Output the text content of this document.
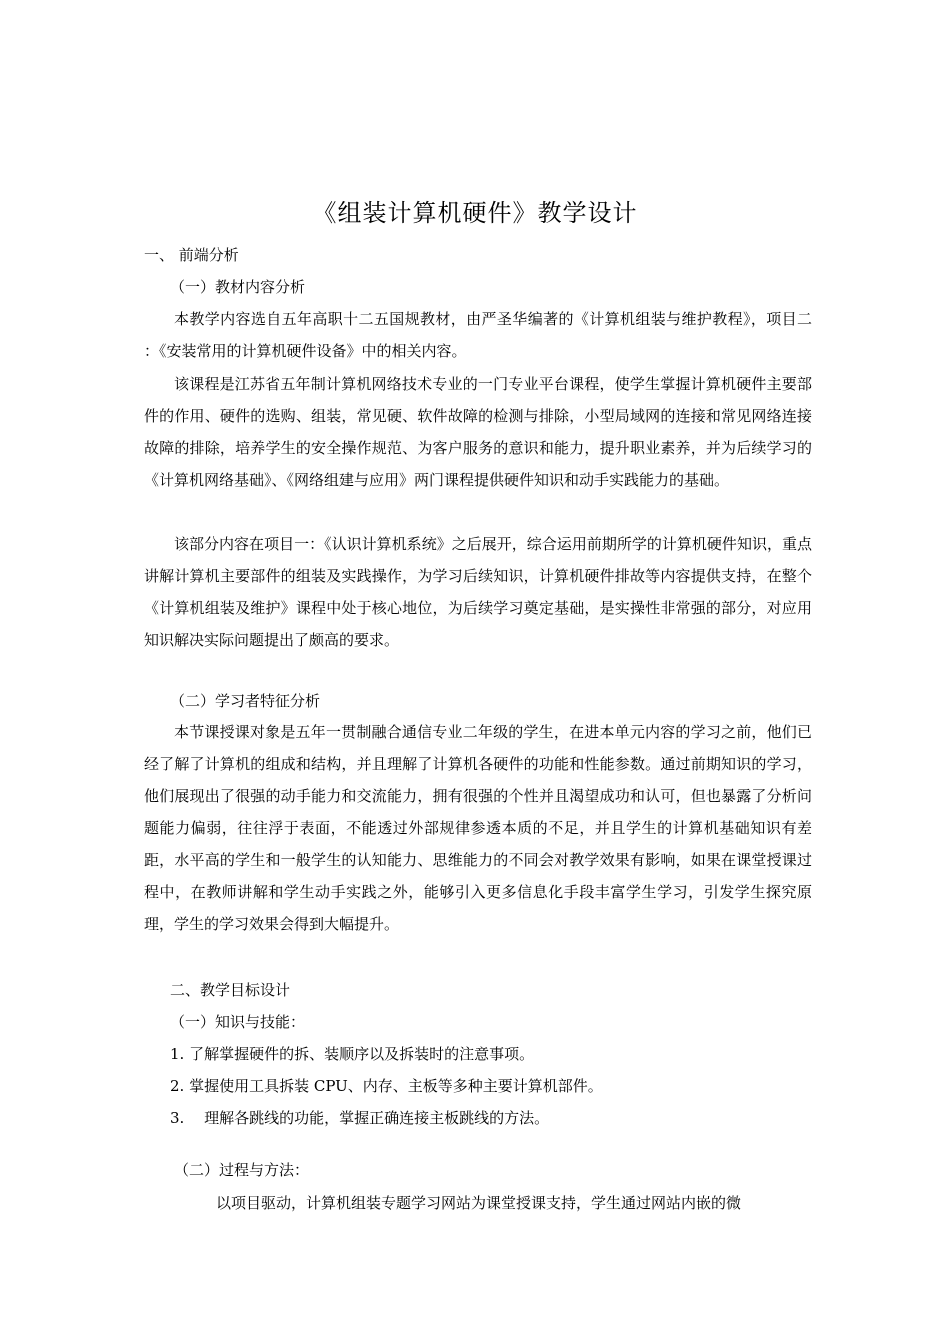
《组装计算机硬件》教学设计
一、 前端分析
（一）教材内容分析

本教学内容选自五年高职十二五国规教材，由严圣华编著的《计算机组装与维护教程》，项目二 ：《安装常用的计算机硬件设备》中的相关内容。

该课程是江苏省五年制计算机网络技术专业的一门专业平台课程，使学生掌握计算机硬件主要部件的作用、硬件的选购、组装，常见硬、软件故障的检测与排除，小型局域网的连接和常见网络连接故障的排除，培养学生的安全操作规范、为客户服务的意识和能力，提升职业素养，并为后续学习的《计算机网络基础》、《网络组建与应用》两门课程提供硬件知识和动手实践能力的基础。

该部分内容在项目一：《认识计算机系统》之后展开，综合运用前期所学的计算机硬件知识，重点讲解计算机主要部件的组装及实践操作，为学习后续知识，计算机硬件排故等内容提供支持，在整个《计算机组装及维护》课程中处于核心地位，为后续学习奠定基础，是实操性非常强的部分，对应用知识解决实际问题提出了颇高的要求。

（二）学习者特征分析

本节课授课对象是五年一贯制融合通信专业二年级的学生，在进本单元内容的学习之前，他们已经了解了计算机的组成和结构，并且理解了计算机各硬件的功能和性能参数。通过前期知识的学习，他们展现出了很强的动手能力和交流能力，拥有很强的个性并且渴望成功和认可，但也暴露了分析问题能力偏弱，往往浮于表面，不能透过外部规律参透本质的不足，并且学生的计算机基础知识有差距，水平高的学生和一般学生的认知能力、思维能力的不同会对教学效果有影响，如果在课堂授课过程中，在教师讲解和学生动手实践之外，能够引入更多信息化手段丰富学生学习，引发学生探究原理，学生的学习效果会得到大幅提升。

二、教学目标设计
（一）知识与技能：
1. 了解掌握硬件的拆、装顺序以及拆装时的注意事项。
2. 掌握使用工具拆装 CPU、内存、主板等多种主要计算机部件。
3.　 理解各跳线的功能，掌握正确连接主板跳线的方法。
（二）过程与方法：
以项目驱动，计算机组装专题学习网站为课堂授课支持，学生通过网站内嵌的微
